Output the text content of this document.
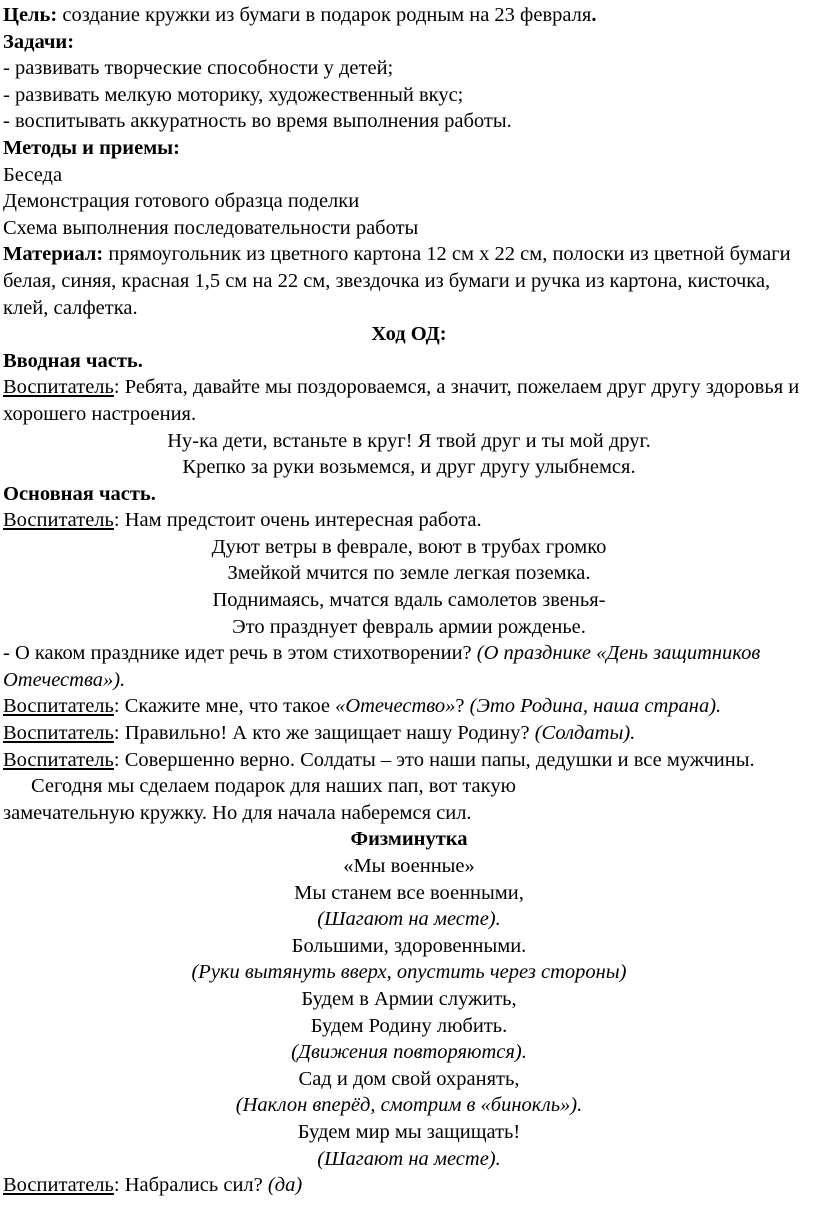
Цель: создание кружки из бумаги в подарок родным на 23 февраля.
Задачи:
- развивать творческие способности у детей;
- развивать мелкую моторику, художественный вкус;
- воспитывать аккуратность во время выполнения работы.
Методы и приемы:
Беседа
Демонстрация готового образца поделки
Схема выполнения последовательности работы
Материал: прямоугольник из цветного картона 12 см х 22 см, полоски из цветной бумаги белая, синяя, красная 1,5 см на 22 см, звездочка из бумаги и ручка из картона, кисточка, клей, салфетка.
Ход ОД:
Вводная часть.
Воспитатель: Ребята, давайте мы поздороваемся, а значит, пожелаем друг другу здоровья и хорошего настроения.
Ну-ка дети, встаньте в круг! Я твой друг и ты мой друг.
Крепко за руки возьмемся, и друг другу улыбнемся.
Основная часть.
Воспитатель: Нам предстоит очень интересная работа.
Дуют ветры в феврале, воют в трубах громко
Змейкой мчится по земле легкая поземка.
Поднимаясь, мчатся вдаль самолетов звенья-
Это празднует февраль армии рожденье.
- О каком празднике идет речь в этом стихотворении? (О празднике «День защитников Отечества»).
Воспитатель: Скажите мне, что такое «Отечество»? (Это Родина, наша страна).
Воспитатель: Правильно! А кто же защищает нашу Родину? (Солдаты).
Воспитатель: Совершенно верно. Солдаты – это наши папы, дедушки и все мужчины.
Сегодня мы сделаем подарок для наших пап, вот такую
замечательную кружку. Но для начала наберемся сил.
Физминутка
«Мы военные»
Мы станем все военными,
(Шагают на месте).
Большими, здоровенными.
(Руки вытянуть вверх, опустить через стороны)
Будем в Армии служить,
Будем Родину любить.
(Движения повторяются).
Сад и дом свой охранять,
(Наклон вперёд, смотрим в «бинокль»).
Будем мир мы защищать!
(Шагают на месте).
Воспитатель: Набрались сил? (да)
